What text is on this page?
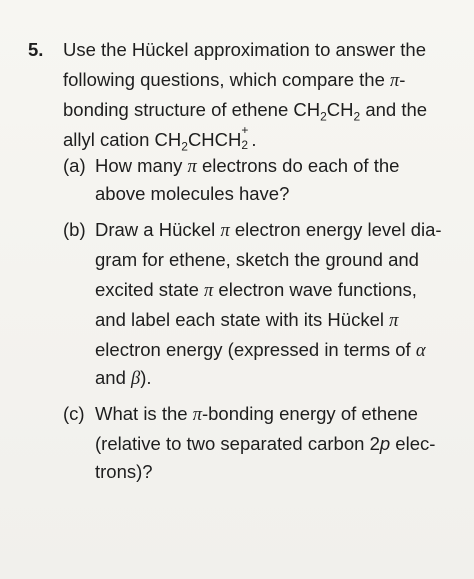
5. Use the Hückel approximation to answer the
following questions, which compare the π-
bonding structure of ethene $CH_2CH_2$ and the
allyl cation $CH_2CHCH$ +
2 .
(a) How many π electrons do each of the
above molecules have?
(b) Draw a Hückel π electron energy level dia-
gram for ethene, sketch the ground and
excited state π electron wave functions,
and label each state with its Hückel π
electron energy (expressed in terms of α
and β).
(c) What is the π-bonding energy of ethene
(relative to two separated carbon 2p elec-
trons)?
